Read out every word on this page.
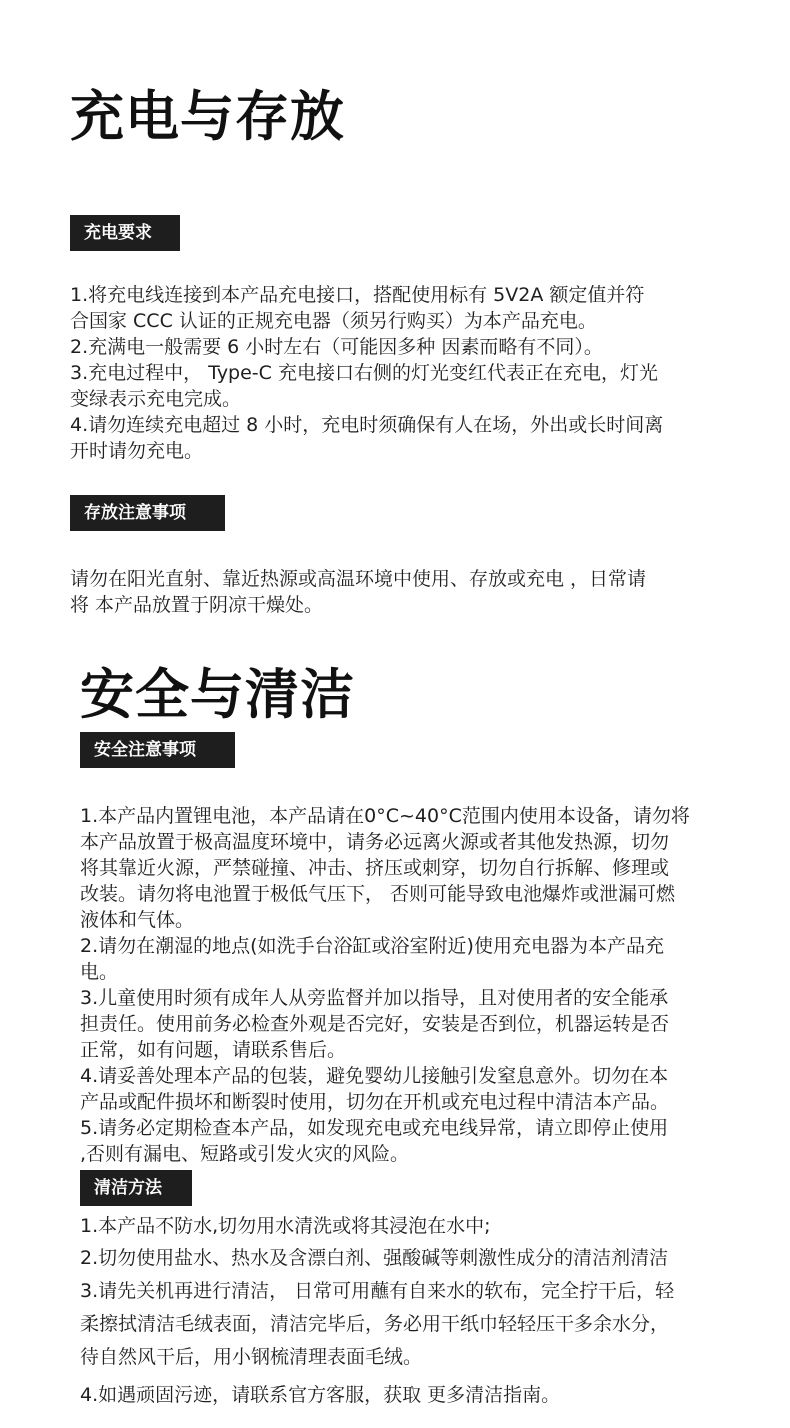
充电与存放
充电要求

1.将充电线连接到本产品充电接口，搭配使用标有 5V2A 额定值并符

合国家 CCC 认证的正规充电器（须另行购买）为本产品充电。

2.充满电一般需要 6 小时左右（可能因多种 因素而略有不同）。

3.充电过程中， Type-C 充电接口右侧的灯光变红代表正在充电，灯光

变绿表示充电完成。

4.请勿连续充电超过 8 小时，充电时须确保有人在场，外出或长时间离

开时请勿充电。

存放注意事项

请勿在阳光直射、靠近热源或高温环境中使用、存放或充电 ，日常请

将 本产品放置于阴凉干燥处。

安全与清洁
安全注意事项

1.本产品内置锂电池，本产品请在0°C~40°C范围内使用本设备，请勿将

本产品放置于极高温度环境中，请务必远离火源或者其他发热源，切勿

将其靠近火源，严禁碰撞、冲击、挤压或刺穿，切勿自行拆解、修理或

改装。请勿将电池置于极低气压下， 否则可能导致电池爆炸或泄漏可燃

液体和气体。

2.请勿在潮湿的地点(如洗手台浴缸或浴室附近)使用充电器为本产品充

电。

3.儿童使用时须有成年人从旁监督并加以指导，且对使用者的安全能承

担责任。使用前务必检查外观是否完好，安装是否到位，机器运转是否

正常，如有问题，请联系售后。

4.请妥善处理本产品的包装，避免婴幼儿接触引发窒息意外。切勿在本

产品或配件损坏和断裂时使用，切勿在开机或充电过程中清洁本产品。

5.请务必定期检查本产品，如发现充电或充电线异常，请立即停止使用

,否则有漏电、短路或引发火灾的风险。

清洁方法

1.本产品不防水,切勿用水清洗或将其浸泡在水中;

2.切勿使用盐水、热水及含漂白剂、强酸碱等刺激性成分的清洁剂清洁

3.请先关机再进行清洁， 日常可用蘸有自来水的软布，完全拧干后，轻

柔擦拭清洁毛绒表面，清洁完毕后，务必用干纸巾轻轻压干多余水分，

待自然风干后，用小钢梳清理表面毛绒。

4.如遇顽固污迹，请联系官方客服，获取 更多清洁指南。
